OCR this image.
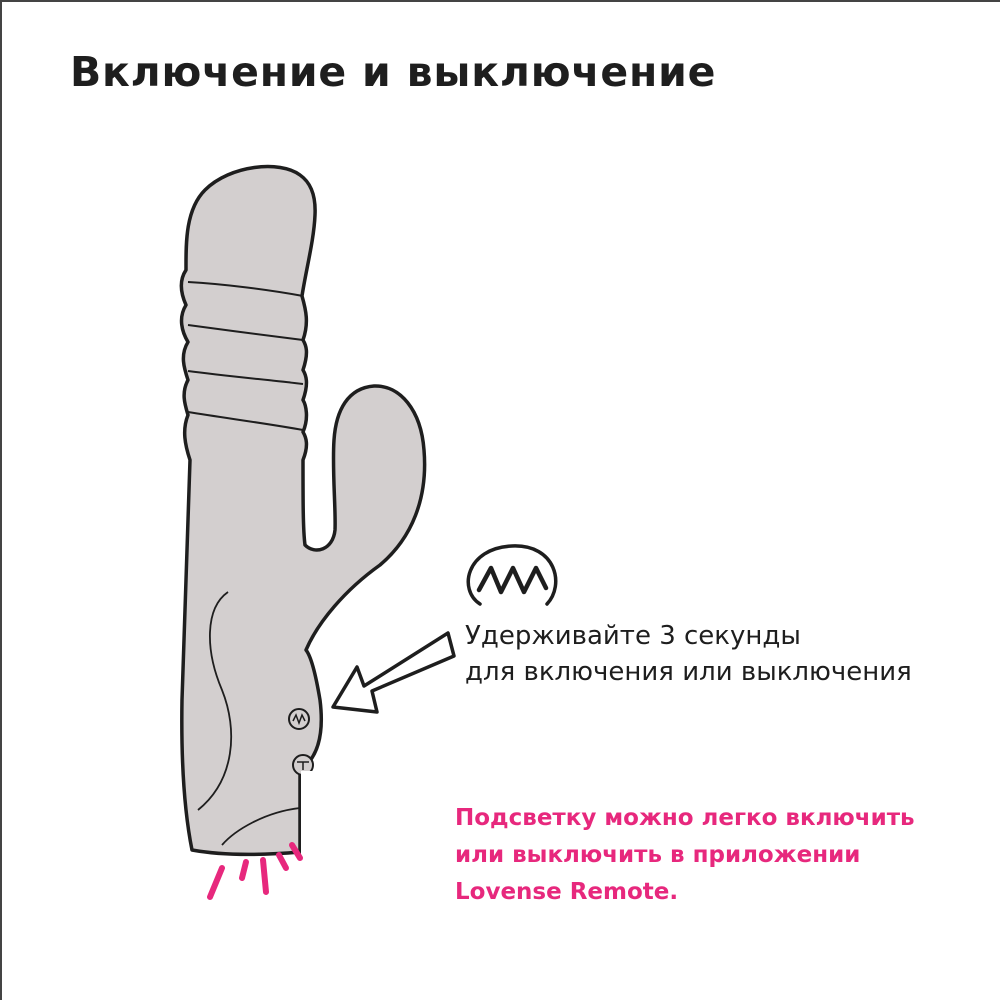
Включение и выключение
Удерживайте 3 секунды
для включения или выключения
Подсветку можно легко включить
или выключить в приложении
Lovense Remote.
